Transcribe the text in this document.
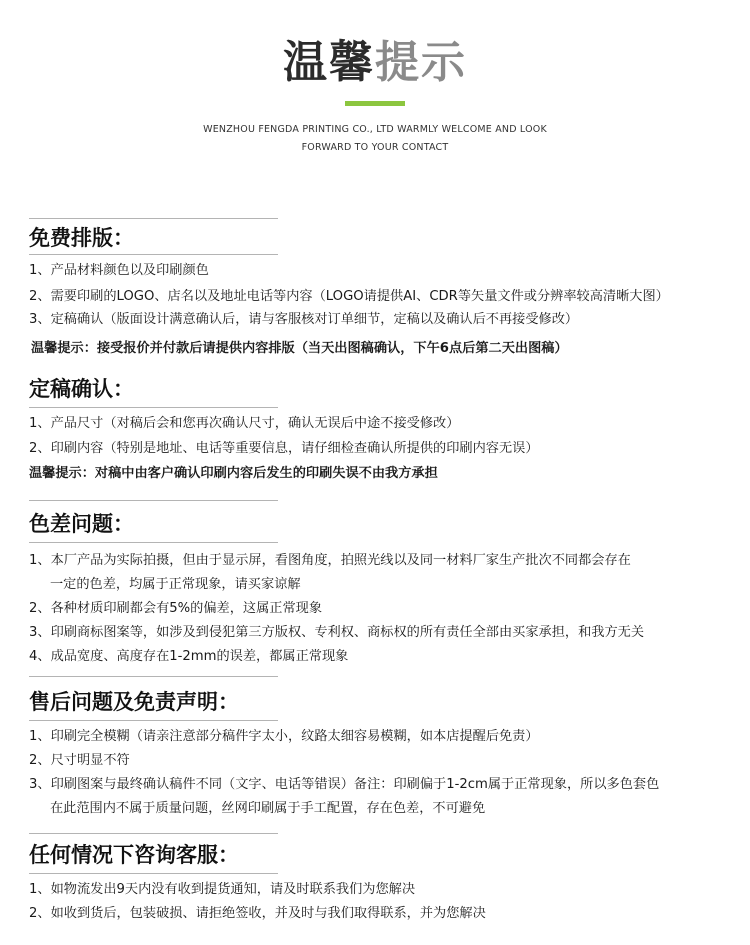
温馨提示
WENZHOU FENGDA PRINTING CO., LTD WARMLY WELCOME AND LOOK
FORWARD TO YOUR CONTACT
免费排版：
1、产品材料颜色以及印刷颜色
2、需要印刷的LOGO、店名以及地址电话等内容（LOGO请提供AI、CDR等矢量文件或分辨率较高清晰大图）
3、定稿确认（版面设计满意确认后，请与客服核对订单细节，定稿以及确认后不再接受修改）
温馨提示：接受报价并付款后请提供内容排版（当天出图稿确认，下午6点后第二天出图稿）
定稿确认：
1、产品尺寸（对稿后会和您再次确认尺寸，确认无误后中途不接受修改）
2、印刷内容（特别是地址、电话等重要信息，请仔细检查确认所提供的印刷内容无误）
温馨提示：对稿中由客户确认印刷内容后发生的印刷失误不由我方承担
色差问题：
1、本厂产品为实际拍摄，但由于显示屏，看图角度，拍照光线以及同一材料厂家生产批次不同都会存在
一定的色差，均属于正常现象，请买家谅解
2、各种材质印刷都会有5%的偏差，这属正常现象
3、印刷商标图案等，如涉及到侵犯第三方版权、专利权、商标权的所有责任全部由买家承担，和我方无关
4、成品宽度、高度存在1-2mm的误差，都属正常现象
售后问题及免责声明：
1、印刷完全模糊（请亲注意部分稿件字太小，纹路太细容易模糊，如本店提醒后免责）
2、尺寸明显不符
3、印刷图案与最终确认稿件不同（文字、电话等错误）备注：印刷偏于1-2cm属于正常现象，所以多色套色
在此范围内不属于质量问题，丝网印刷属于手工配置，存在色差，不可避免
任何情况下咨询客服：
1、如物流发出9天内没有收到提货通知，请及时联系我们为您解决
2、如收到货后，包装破损、请拒绝签收，并及时与我们取得联系，并为您解决
